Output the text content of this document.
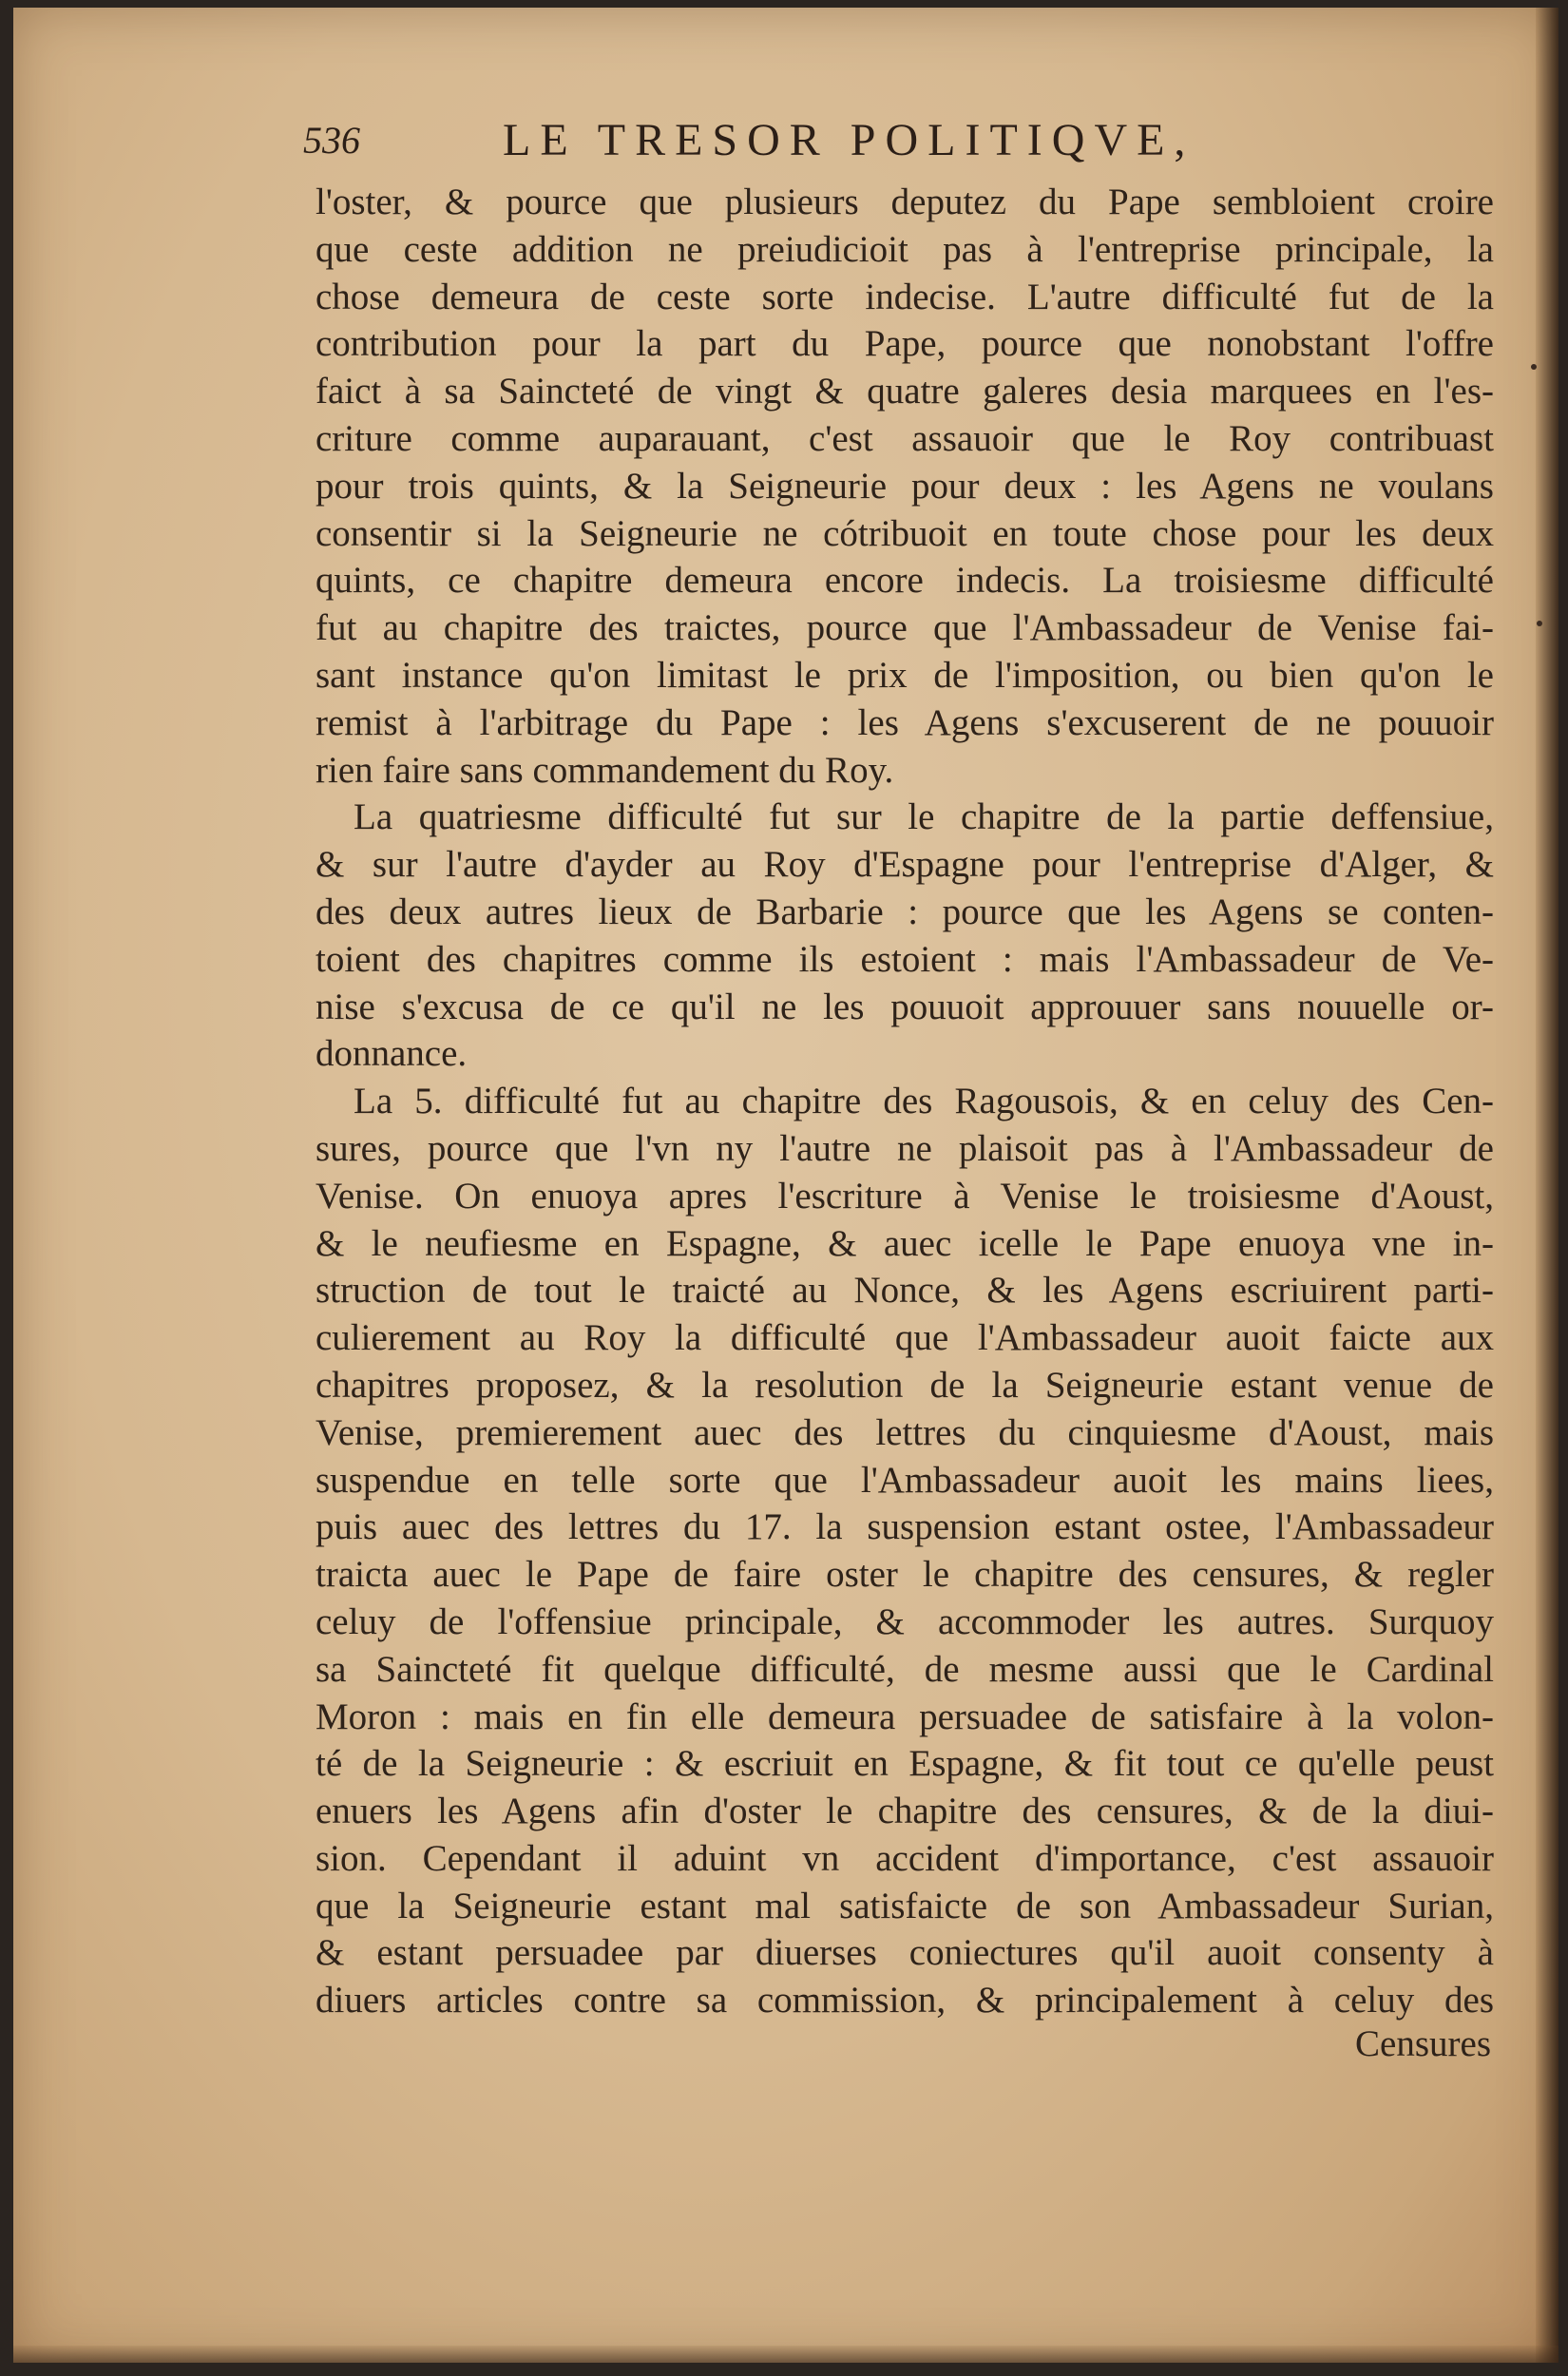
536	LE TRESOR POLITIQVE,
l'oster, & pource que plusieurs deputez du Pape sembloient croire
que ceste addition ne preiudicioit pas à l'entreprise principale, la
chose demeura de ceste sorte indecise. L'autre difficulté fut de la
contribution pour la part du Pape, pource que nonobstant l'offre
faict à sa Saincteté de vingt & quatre galeres desia marquees en l'es-
criture comme auparauant, c'est assauoir que le Roy contribuast
pour trois quints, & la Seigneurie pour deux : les Agens ne voulans
consentir si la Seigneurie ne cótribuoit en toute chose pour les deux
quints, ce chapitre demeura encore indecis. La troisiesme difficulté
fut au chapitre des traictes, pource que l'Ambassadeur de Venise fai-
sant instance qu'on limitast le prix de l'imposition, ou bien qu'on le
remist à l'arbitrage du Pape : les Agens s'excuserent de ne pouuoir
rien faire sans commandement du Roy.
La quatriesme difficulté fut sur le chapitre de la partie deffensiue,
& sur l'autre d'ayder au Roy d'Espagne pour l'entreprise d'Alger, &
des deux autres lieux de Barbarie : pource que les Agens se conten-
toient des chapitres comme ils estoient : mais l'Ambassadeur de Ve-
nise s'excusa de ce qu'il ne les pouuoit approuuer sans nouuelle or-
donnance.
La 5. difficulté fut au chapitre des Ragousois, & en celuy des Cen-
sures, pource que l'vn ny l'autre ne plaisoit pas à l'Ambassadeur de
Venise. On enuoya apres l'escriture à Venise le troisiesme d'Aoust,
& le neufiesme en Espagne, & auec icelle le Pape enuoya vne in-
struction de tout le traicté au Nonce, & les Agens escriuirent parti-
culierement au Roy la difficulté que l'Ambassadeur auoit faicte aux
chapitres proposez, & la resolution de la Seigneurie estant venue de
Venise, premierement auec des lettres du cinquiesme d'Aoust, mais
suspendue en telle sorte que l'Ambassadeur auoit les mains liees,
puis auec des lettres du 17. la suspension estant ostee, l'Ambassadeur
traicta auec le Pape de faire oster le chapitre des censures, & regler
celuy de l'offensiue principale, & accommoder les autres. Surquoy
sa Saincteté fit quelque difficulté, de mesme aussi que le Cardinal
Moron : mais en fin elle demeura persuadee de satisfaire à la volon-
té de la Seigneurie : & escriuit en Espagne, & fit tout ce qu'elle peust
enuers les Agens afin d'oster le chapitre des censures, & de la diui-
sion. Cependant il aduint vn accident d'importance, c'est assauoir
que la Seigneurie estant mal satisfaicte de son Ambassadeur Surian,
& estant persuadee par diuerses coniectures qu'il auoit consenty à
diuers articles contre sa commission, & principalement à celuy des
Censures
